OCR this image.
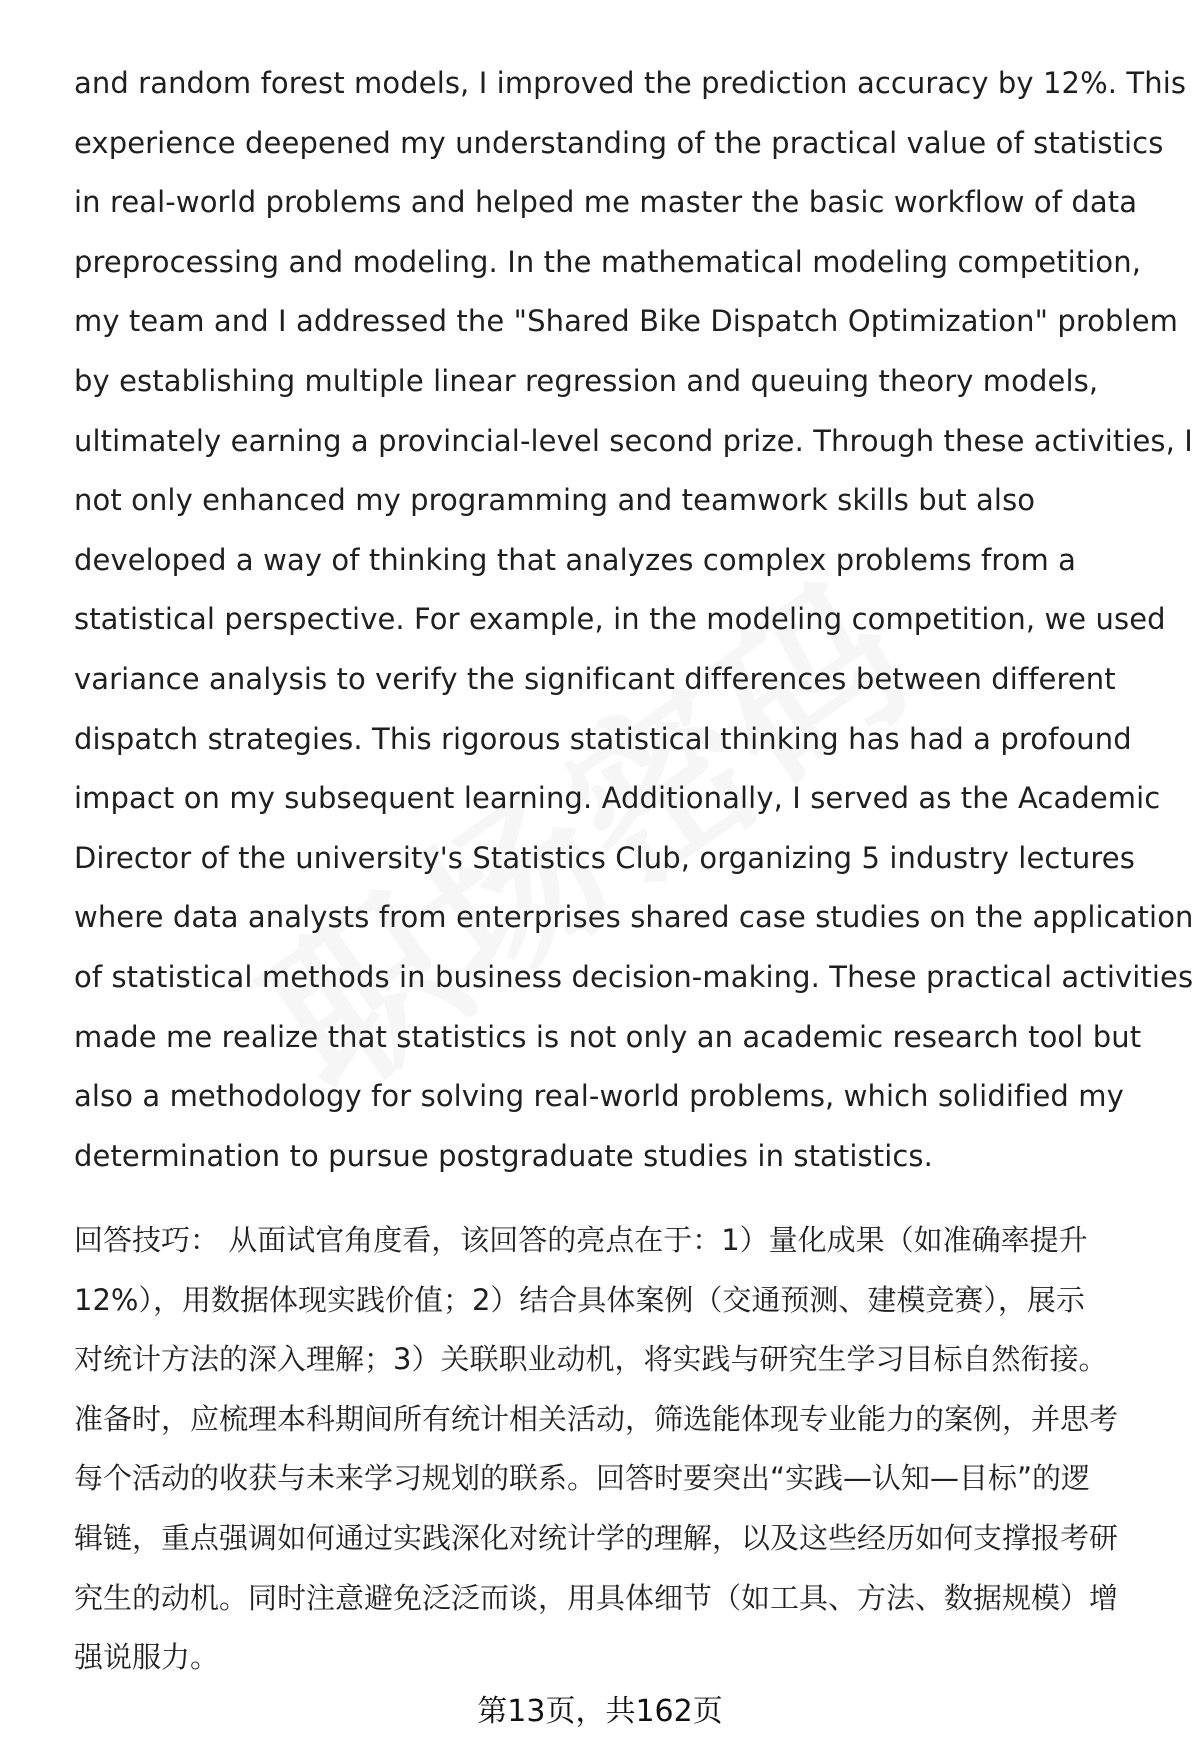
and random forest models, I improved the prediction accuracy by 12%. This
experience deepened my understanding of the practical value of statistics
in real-world problems and helped me master the basic workflow of data
preprocessing and modeling. In the mathematical modeling competition,
my team and I addressed the "Shared Bike Dispatch Optimization" problem
by establishing multiple linear regression and queuing theory models,
ultimately earning a provincial-level second prize. Through these activities, I
not only enhanced my programming and teamwork skills but also
developed a way of thinking that analyzes complex problems from a
statistical perspective. For example, in the modeling competition, we used
variance analysis to verify the significant differences between different
dispatch strategies. This rigorous statistical thinking has had a profound
impact on my subsequent learning. Additionally, I served as the Academic
Director of the university's Statistics Club, organizing 5 industry lectures
where data analysts from enterprises shared case studies on the application
of statistical methods in business decision-making. These practical activities
made me realize that statistics is not only an academic research tool but
also a methodology for solving real-world problems, which solidified my
determination to pursue postgraduate studies in statistics.
回答技巧： 从面试官角度看，该回答的亮点在于：1）量化成果（如准确率提升
12%），用数据体现实践价值；2）结合具体案例（交通预测、建模竞赛），展示
对统计方法的深入理解；3）关联职业动机，将实践与研究生学习目标自然衔接。
准备时，应梳理本科期间所有统计相关活动，筛选能体现专业能力的案例，并思考
每个活动的收获与未来学习规划的联系。回答时要突出“实践—认知—目标”的逻
辑链，重点强调如何通过实践深化对统计学的理解，以及这些经历如何支撑报考研
究生的动机。同时注意避免泛泛而谈，用具体细节（如工具、方法、数据规模）增
强说服力。
第13页，共162页
